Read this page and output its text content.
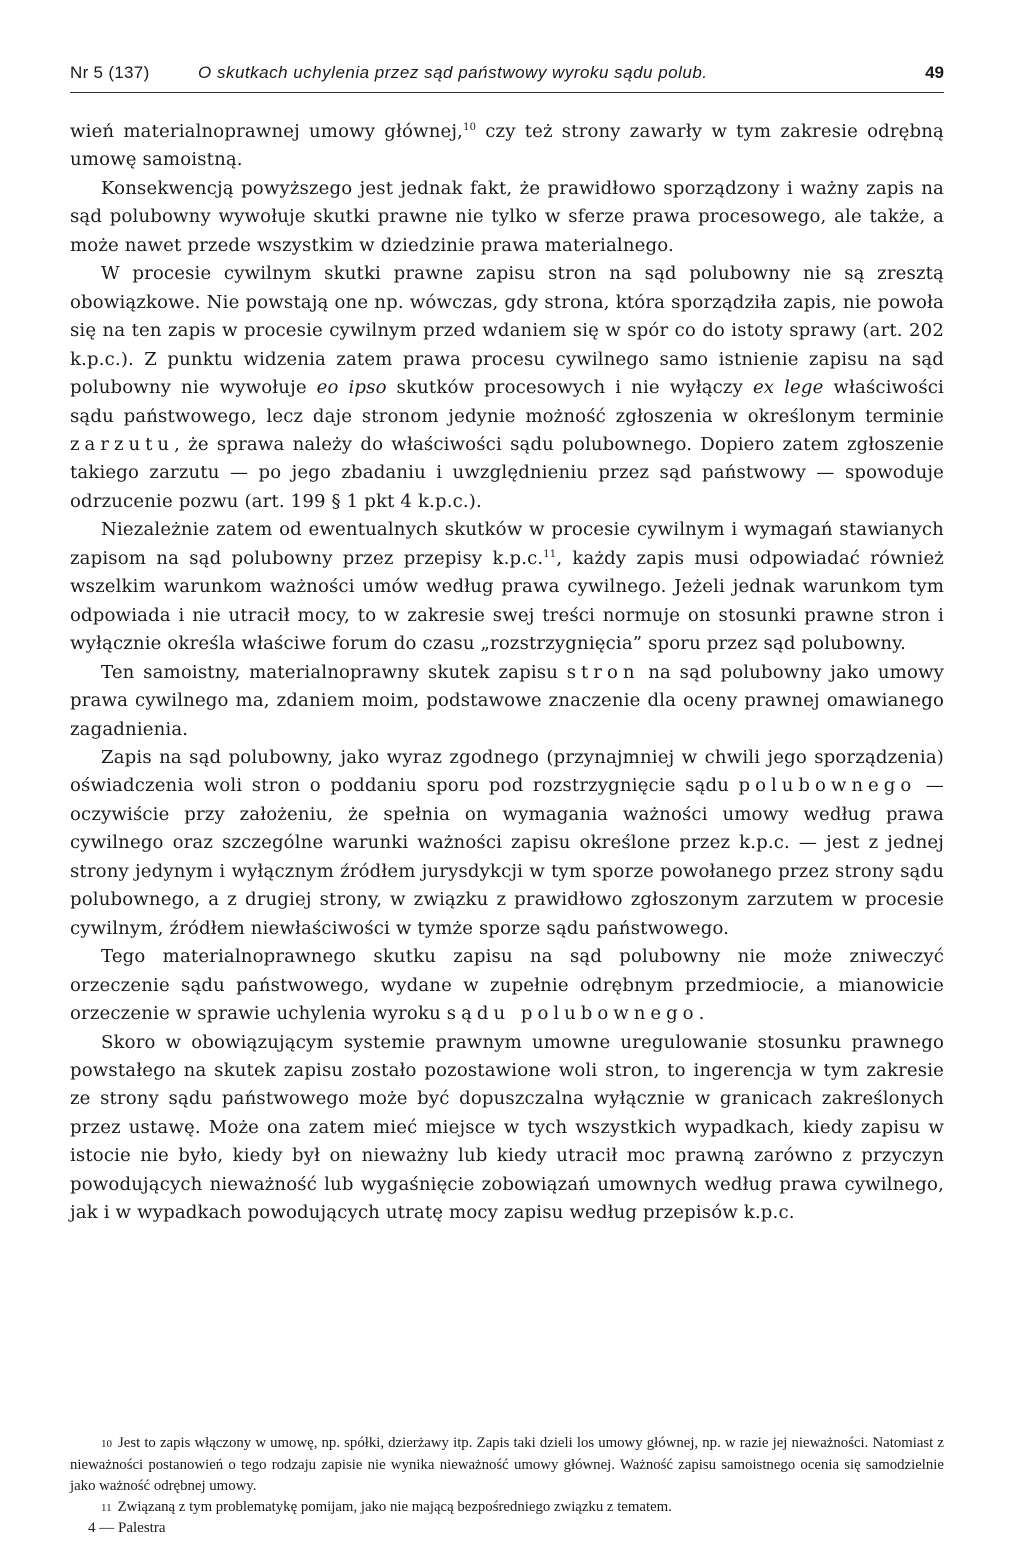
Nr 5 (137)	O skutkach uchylenia przez sąd państwowy wyroku sądu polub.	49

wień materialnoprawnej umowy głównej,$^{10}$ czy też strony zawarły w tym zakresie odrębną umowę samoistną.

Konsekwencją powyższego jest jednak fakt, że prawidłowo sporządzony i ważny zapis na sąd polubowny wywołuje skutki prawne nie tylko w sferze prawa procesowego, ale także, a może nawet przede wszystkim w dziedzinie prawa materialnego.

W procesie cywilnym skutki prawne zapisu stron na sąd polubowny nie są zresztą obowiązkowe. Nie powstają one np. wówczas, gdy strona, która sporządziła zapis, nie powoła się na ten zapis w procesie cywilnym przed wdaniem się w spór co do istoty sprawy (art. 202 k.p.c.). Z punktu widzenia zatem prawa procesu cywilnego samo istnienie zapisu na sąd polubowny nie wywołuje eo ipso skutków procesowych i nie wyłączy ex lege właściwości sądu państwowego, lecz daje stronom jedynie możność zgłoszenia w określonym terminie zarzutu, że sprawa należy do właściwości sądu polubownego. Dopiero zatem zgłoszenie takiego zarzutu — po jego zbadaniu i uwzględnieniu przez sąd państwowy — spowoduje odrzucenie pozwu (art. 199 § 1 pkt 4 k.p.c.).

Niezależnie zatem od ewentualnych skutków w procesie cywilnym i wymagań stawianych zapisom na sąd polubowny przez przepisy k.p.c.$^{11}$, każdy zapis musi odpowiadać również wszelkim warunkom ważności umów według prawa cywilnego. Jeżeli jednak warunkom tym odpowiada i nie utracił mocy, to w zakresie swej treści normuje on stosunki prawne stron i wyłącznie określa właściwe forum do czasu „rozstrzygnięcia” sporu przez sąd polubowny.

Ten samoistny, materialnoprawny skutek zapisu stron na sąd polubowny jako umowy prawa cywilnego ma, zdaniem moim, podstawowe znaczenie dla oceny prawnej omawianego zagadnienia.

Zapis na sąd polubowny, jako wyraz zgodnego (przynajmniej w chwili jego sporządzenia) oświadczenia woli stron o poddaniu sporu pod rozstrzygnięcie sądu polubownego — oczywiście przy założeniu, że spełnia on wymagania ważności umowy według prawa cywilnego oraz szczególne warunki ważności zapisu określone przez k.p.c. — jest z jednej strony jedynym i wyłącznym źródłem jurysdykcji w tym sporze powołanego przez strony sądu polubownego, a z drugiej strony, w związku z prawidłowo zgłoszonym zarzutem w procesie cywilnym, źródłem niewłaściwości w tymże sporze sądu państwowego.

Tego materialnoprawnego skutku zapisu na sąd polubowny nie może zniweczyć orzeczenie sądu państwowego, wydane w zupełnie odrębnym przedmiocie, a mianowicie orzeczenie w sprawie uchylenia wyroku sądu polubownego.

Skoro w obowiązującym systemie prawnym umowne uregulowanie stosunku prawnego powstałego na skutek zapisu zostało pozostawione woli stron, to ingerencja w tym zakresie ze strony sądu państwowego może być dopuszczalna wyłącznie w granicach zakreślonych przez ustawę. Może ona zatem mieć miejsce w tych wszystkich wypadkach, kiedy zapisu w istocie nie było, kiedy był on nieważny lub kiedy utracił moc prawną zarówno z przyczyn powodujących nieważność lub wygaśnięcie zobowiązań umownych według prawa cywilnego, jak i w wypadkach powodujących utratę mocy zapisu według przepisów k.p.c.

10 Jest to zapis włączony w umowę, np. spółki, dzierżawy itp. Zapis taki dzieli los umowy głównej, np. w razie jej nieważności. Natomiast z nieważności postanowień o tego rodzaju zapisie nie wynika nieważność umowy głównej. Ważność zapisu samoistnego ocenia się samodzielnie jako ważność odrębnej umowy.

11 Związaną z tym problematykę pomijam, jako nie mającą bezpośredniego związku z tematem.

4 — Palestra
